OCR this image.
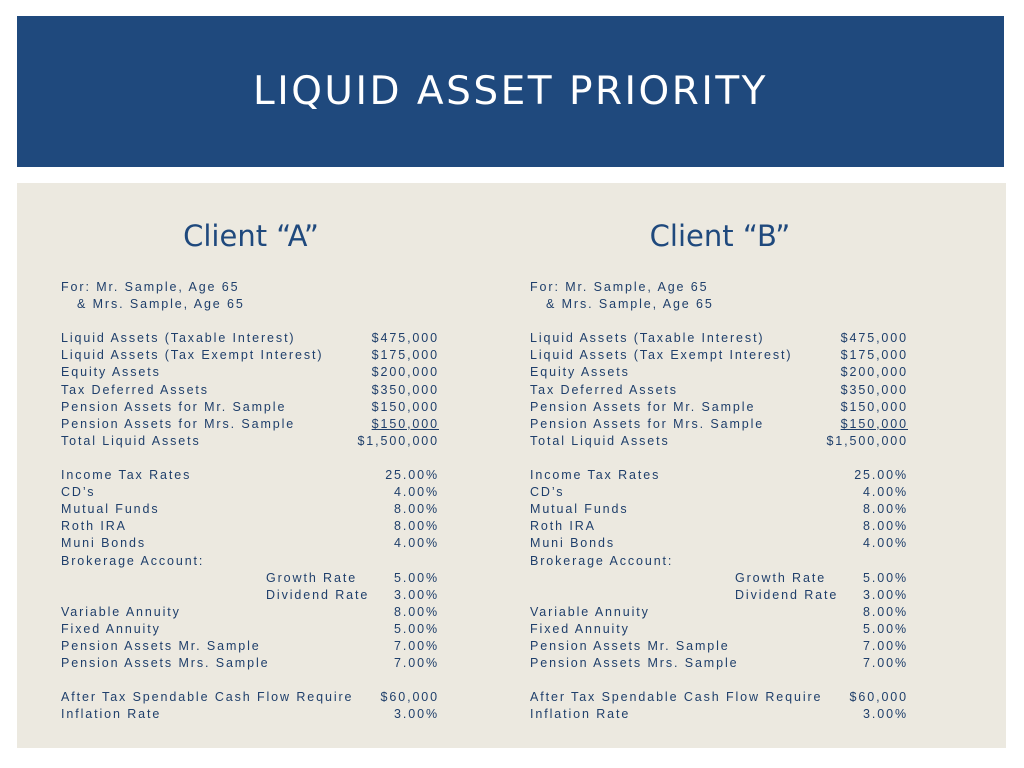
LIQUID ASSET PRIORITY
Client “A”
For: Mr. Sample, Age 65
& Mrs. Sample, Age 65
Liquid Assets (Taxable Interest)	$475,000
Liquid Assets (Tax Exempt Interest)	$175,000
Equity Assets	$200,000
Tax Deferred Assets	$350,000
Pension Assets for Mr. Sample	$150,000
Pension Assets for Mrs. Sample	$150,000
Total Liquid Assets	$1,500,000
Income Tax Rates	25.00%
CD’s	4.00%
Mutual Funds	8.00%
Roth IRA	8.00%
Muni Bonds	4.00%
Brokerage Account:
Growth Rate	5.00%
Dividend Rate 3.00%
Variable Annuity	8.00%
Fixed Annuity	5.00%
Pension Assets Mr. Sample	7.00%
Pension Assets Mrs. Sample	7.00%
After Tax Spendable Cash Flow Require $60,000
Inflation Rate	3.00%
Client “B”
For: Mr. Sample, Age 65
& Mrs. Sample, Age 65
Liquid Assets (Taxable Interest)	$475,000
Liquid Assets (Tax Exempt Interest)	$175,000
Equity Assets	$200,000
Tax Deferred Assets	$350,000
Pension Assets for Mr. Sample	$150,000
Pension Assets for Mrs. Sample	$150,000
Total Liquid Assets	$1,500,000
Income Tax Rates	25.00%
CD’s	4.00%
Mutual Funds	8.00%
Roth IRA	8.00%
Muni Bonds	4.00%
Brokerage Account:
Growth Rate	5.00%
Dividend Rate 3.00%
Variable Annuity	8.00%
Fixed Annuity	5.00%
Pension Assets Mr. Sample	7.00%
Pension Assets Mrs. Sample	7.00%
After Tax Spendable Cash Flow Require $60,000
Inflation Rate	3.00%
